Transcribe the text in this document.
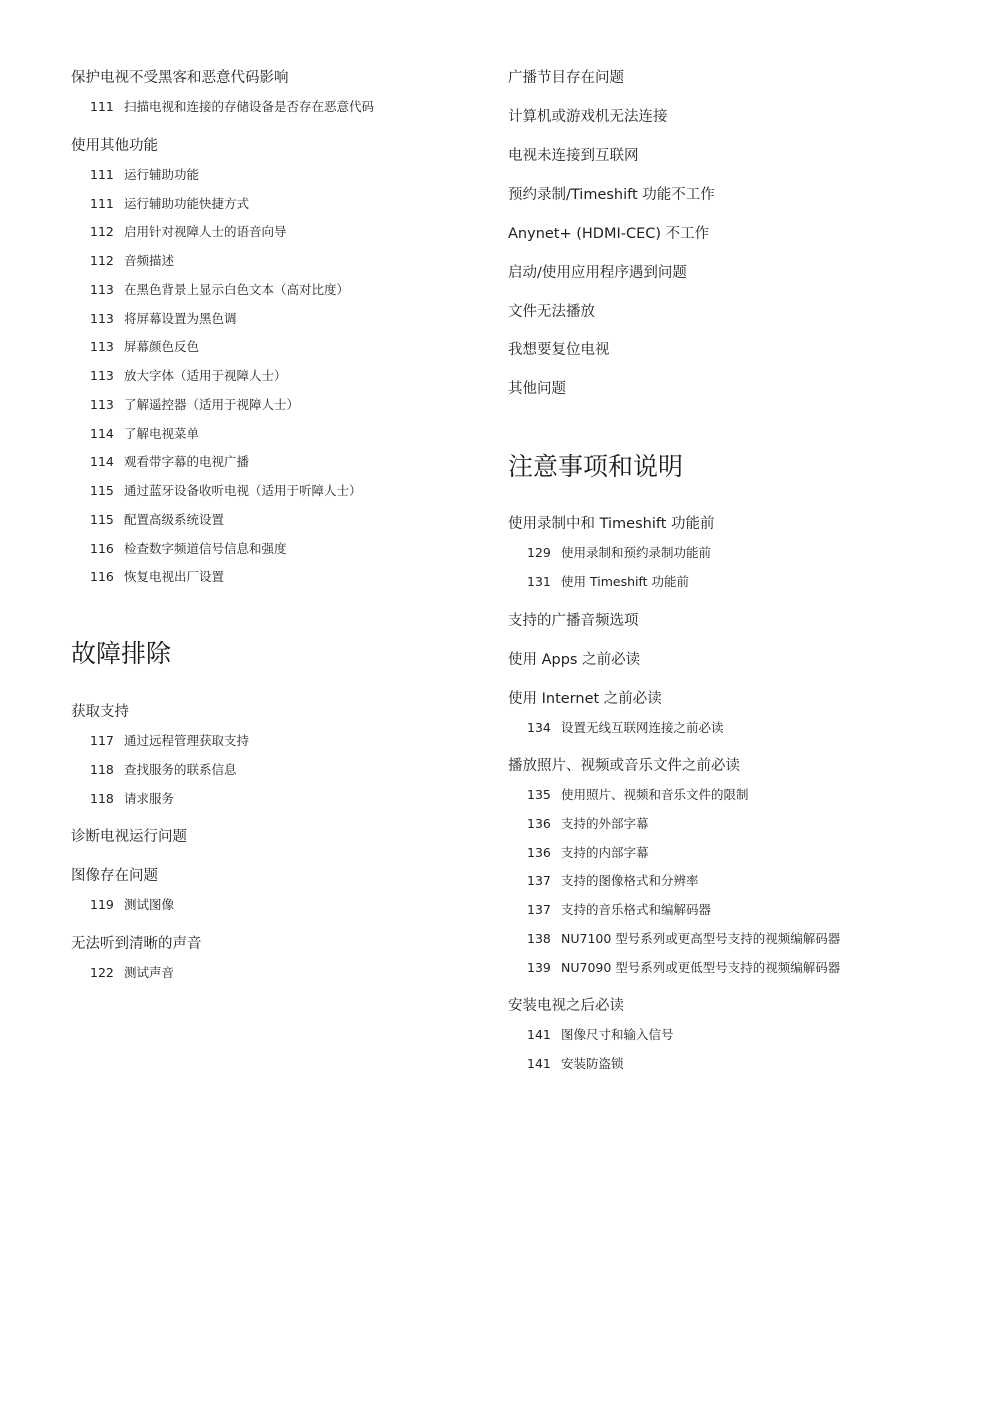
保护电视不受黑客和恶意代码影响
111 扫描电视和连接的存储设备是否存在恶意代码
使用其他功能
111 运行辅助功能
111 运行辅助功能快捷方式
112 启用针对视障人士的语音向导
112 音频描述
113 在黑色背景上显示白色文本（高对比度）
113 将屏幕设置为黑色调
113 屏幕颜色反色
113 放大字体（适用于视障人士）
113 了解遥控器（适用于视障人士）
114 了解电视菜单
114 观看带字幕的电视广播
115 通过蓝牙设备收听电视（适用于听障人士）
115 配置高级系统设置
116 检查数字频道信号信息和强度
116 恢复电视出厂设置
故障排除
获取支持
117 通过远程管理获取支持
118 查找服务的联系信息
118 请求服务
诊断电视运行问题
图像存在问题
119 测试图像
无法听到清晰的声音
122 测试声音
广播节目存在问题
计算机或游戏机无法连接
电视未连接到互联网
预约录制/Timeshift 功能不工作
Anynet+ (HDMI-CEC) 不工作
启动/使用应用程序遇到问题
文件无法播放
我想要复位电视
其他问题
注意事项和说明
使用录制中和 Timeshift 功能前
129 使用录制和预约录制功能前
131 使用 Timeshift 功能前
支持的广播音频选项
使用 Apps 之前必读
使用 Internet 之前必读
134 设置无线互联网连接之前必读
播放照片、视频或音乐文件之前必读
135 使用照片、视频和音乐文件的限制
136 支持的外部字幕
136 支持的内部字幕
137 支持的图像格式和分辨率
137 支持的音乐格式和编解码器
138 NU7100 型号系列或更高型号支持的视频编解码器
139 NU7090 型号系列或更低型号支持的视频编解码器
安装电视之后必读
141 图像尺寸和输入信号
141 安装防盗锁
